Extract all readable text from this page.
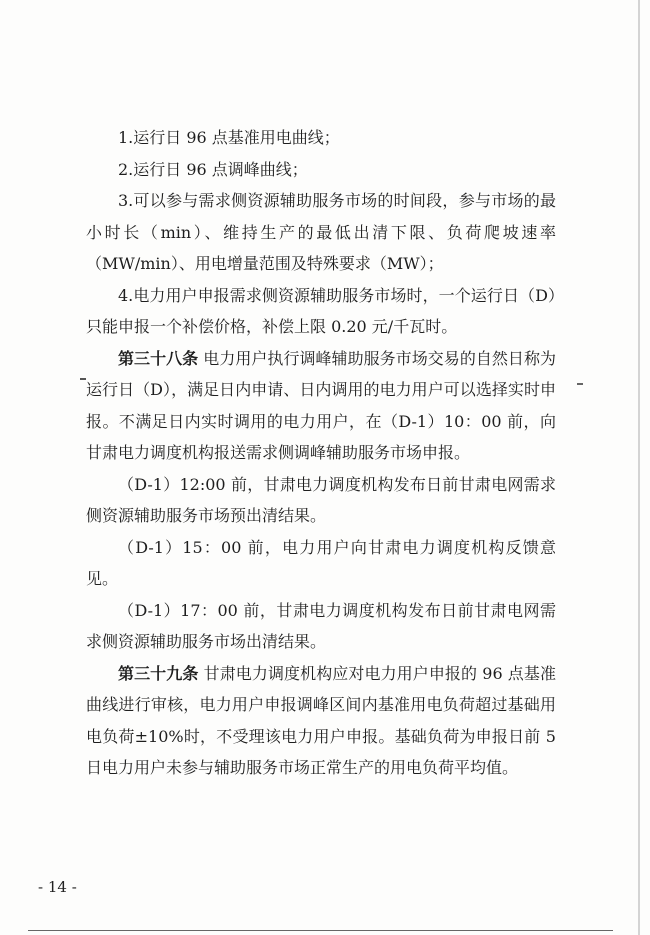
1.运行日 96 点基准用电曲线；

2.运行日 96 点调峰曲线；

3.可以参与需求侧资源辅助服务市场的时间段，参与市场的最小时长（min）、维持生产的最低出清下限、负荷爬坡速率（MW/min）、用电增量范围及特殊要求（MW）；

4.电力用户申报需求侧资源辅助服务市场时，一个运行日（D）只能申报一个补偿价格，补偿上限 0.20 元/千瓦时。

第三十八条 电力用户执行调峰辅助服务市场交易的自然日称为运行日（D），满足日内申请、日内调用的电力用户可以选择实时申报。不满足日内实时调用的电力用户，在（D-1）10：00 前，向甘肃电力调度机构报送需求侧调峰辅助服务市场申报。

（D-1）12:00 前，甘肃电力调度机构发布日前甘肃电网需求侧资源辅助服务市场预出清结果。

（D-1）15：00 前，电力用户向甘肃电力调度机构反馈意见。

（D-1）17：00 前，甘肃电力调度机构发布日前甘肃电网需求侧资源辅助服务市场出清结果。

第三十九条 甘肃电力调度机构应对电力用户申报的 96 点基准曲线进行审核，电力用户申报调峰区间内基准用电负荷超过基础用电负荷±10%时，不受理该电力用户申报。基础负荷为申报日前 5 日电力用户未参与辅助服务市场正常生产的用电负荷平均值。

- 14 -
